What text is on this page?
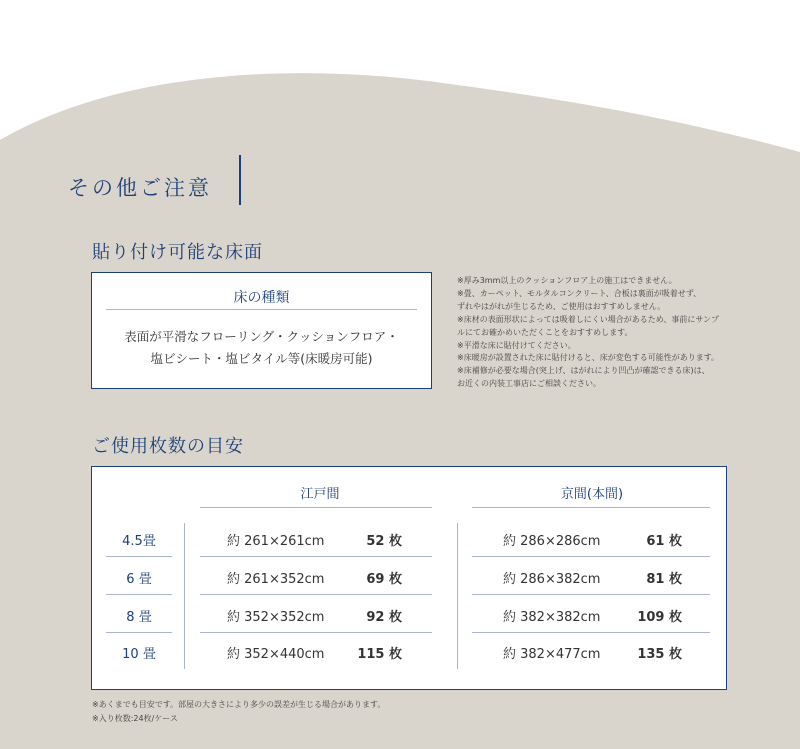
その他ご注意
貼り付け可能な床面
床の種類
表面が平滑なフローリング・クッションフロア・
塩ビシート・塩ビタイル等(床暖房可能)
※厚み3mm以上のクッションフロア上の施工はできません。
※畳、カーペット、モルタルコンクリート、合板は裏面が吸着せず、
ずれやはがれが生じるため、ご使用はおすすめしません。
※床材の表面形状によっては吸着しにくい場合があるため、事前にサンプ
ルにてお確かめいただくことをおすすめします。
※平滑な床に貼付けてください。
※床暖房が設置された床に貼付けると、床が変色する可能性があります。
※床補修が必要な場合(突上げ、はがれにより凹凸が確認できる床)は、
お近くの内装工事店にご相談ください。
ご使用枚数の目安
江戸間	京間(本間)
4.5畳	約 261×261cm	52 枚	約 286×286cm	61 枚
6 畳	約 261×352cm	69 枚	約 286×382cm	81 枚
8 畳	約 352×352cm	92 枚	約 382×382cm	109 枚
10 畳	約 352×440cm	115 枚	約 382×477cm	135 枚
※あくまでも目安です。部屋の大きさにより多少の誤差が生じる場合があります。
※入り枚数:24枚/ケース
